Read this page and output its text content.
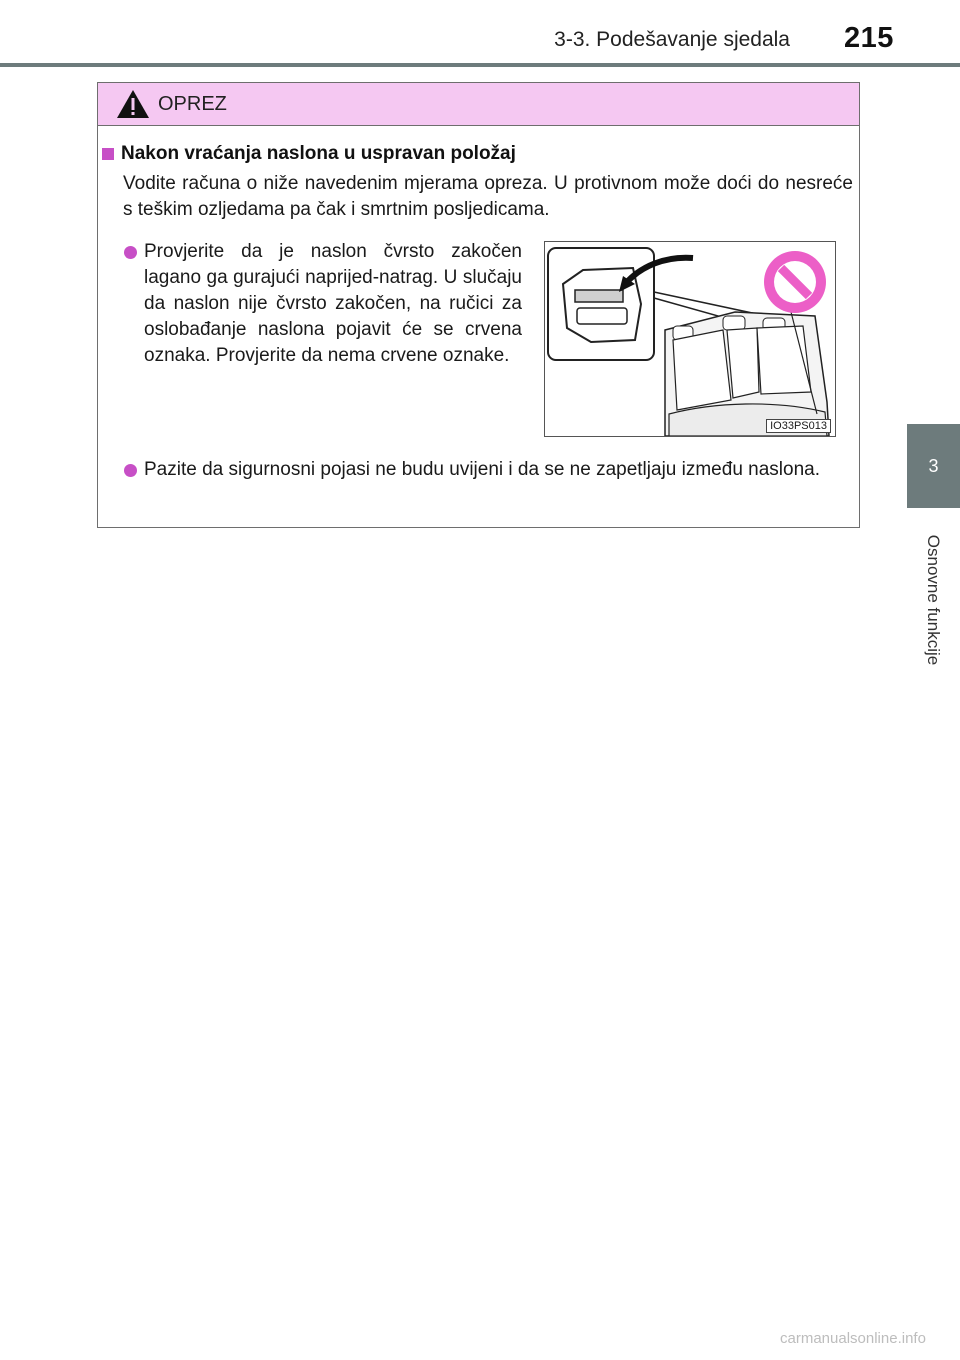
3-3. Podešavanje sjedala 215
3
Osnovne funkcije
OPREZ
Nakon vraćanja naslona u uspravan položaj
Vodite računa o niže navedenim mjerama opreza. U protivnom može doći do nesreće s teškim ozljedama pa čak i smrtnim posljedicama.
Provjerite da je naslon čvrsto zakočen lagano ga gurajući naprijed-natrag. U slučaju da naslon nije čvrsto zakočen, na ručici za oslobađanje naslona pojavit će se crvena oznaka. Provjerite da nema crvene oznake.
IO33PS013
Pazite da sigurnosni pojasi ne budu uvijeni i da se ne zapetljaju između naslona.
carmanualsonline.info
